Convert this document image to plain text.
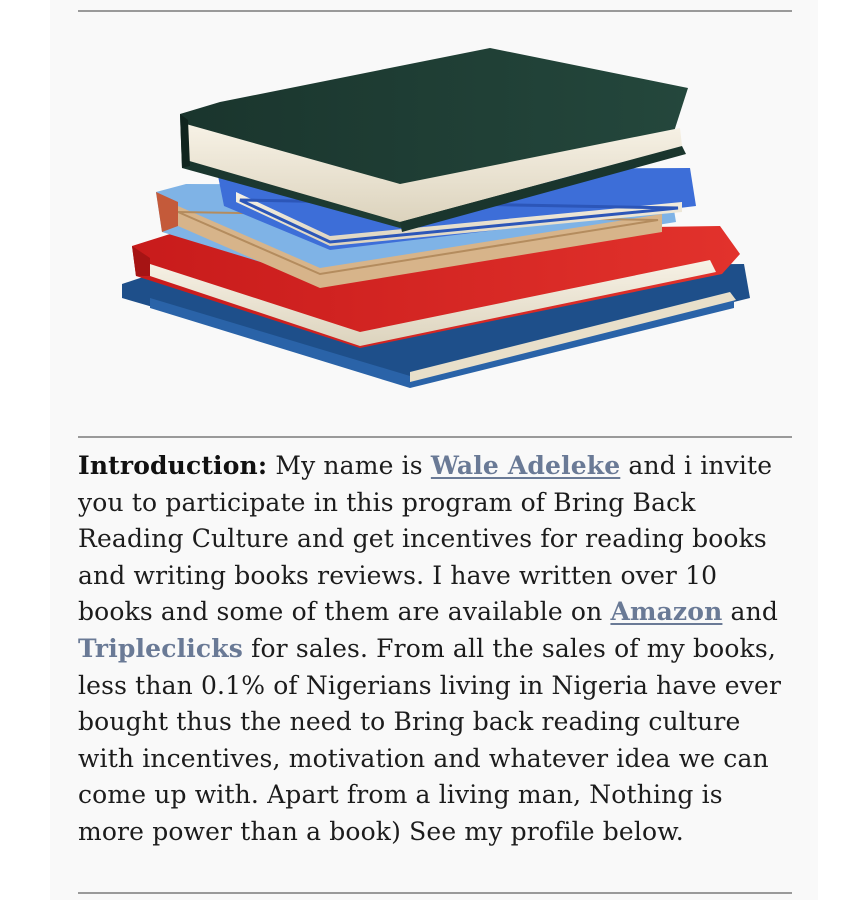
Introduction: My name is Wale Adeleke and i invite you to participate in this program of Bring Back Reading Culture and get incentives for reading books and writing books reviews. I have written over 10 books and some of them are available on Amazon and Tripleclicks for sales. From all the sales of my books, less than 0.1% of Nigerians living in Nigeria have ever bought thus the need to Bring back reading culture with incentives, motivation and whatever idea we can come up with. Apart from a living man, Nothing is more power than a book) See my profile below.
